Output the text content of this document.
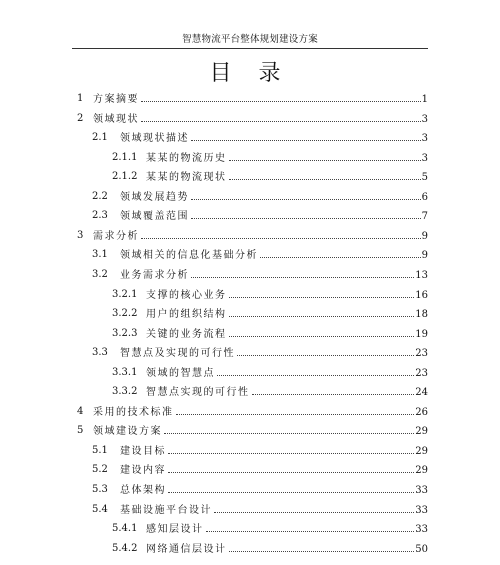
智慧物流平台整体规划建设方案
目 录
1 方案摘要	1
2 领域现状	3
2.1 领域现状描述	3
2.1.1 某某的物流历史	3
2.1.2 某某的物流现状	5
2.2 领域发展趋势	6
2.3 领域覆盖范围	7
3 需求分析	9
3.1 领域相关的信息化基础分析	9
3.2 业务需求分析	13
3.2.1 支撑的核心业务	16
3.2.2 用户的组织结构	18
3.2.3 关键的业务流程	19
3.3 智慧点及实现的可行性	23
3.3.1 领域的智慧点	23
3.3.2 智慧点实现的可行性	24
4 采用的技术标准	26
5 领域建设方案	29
5.1 建设目标	29
5.2 建设内容	29
5.3 总体架构	33
5.4 基础设施平台设计	33
5.4.1 感知层设计	33
5.4.2 网络通信层设计	50
